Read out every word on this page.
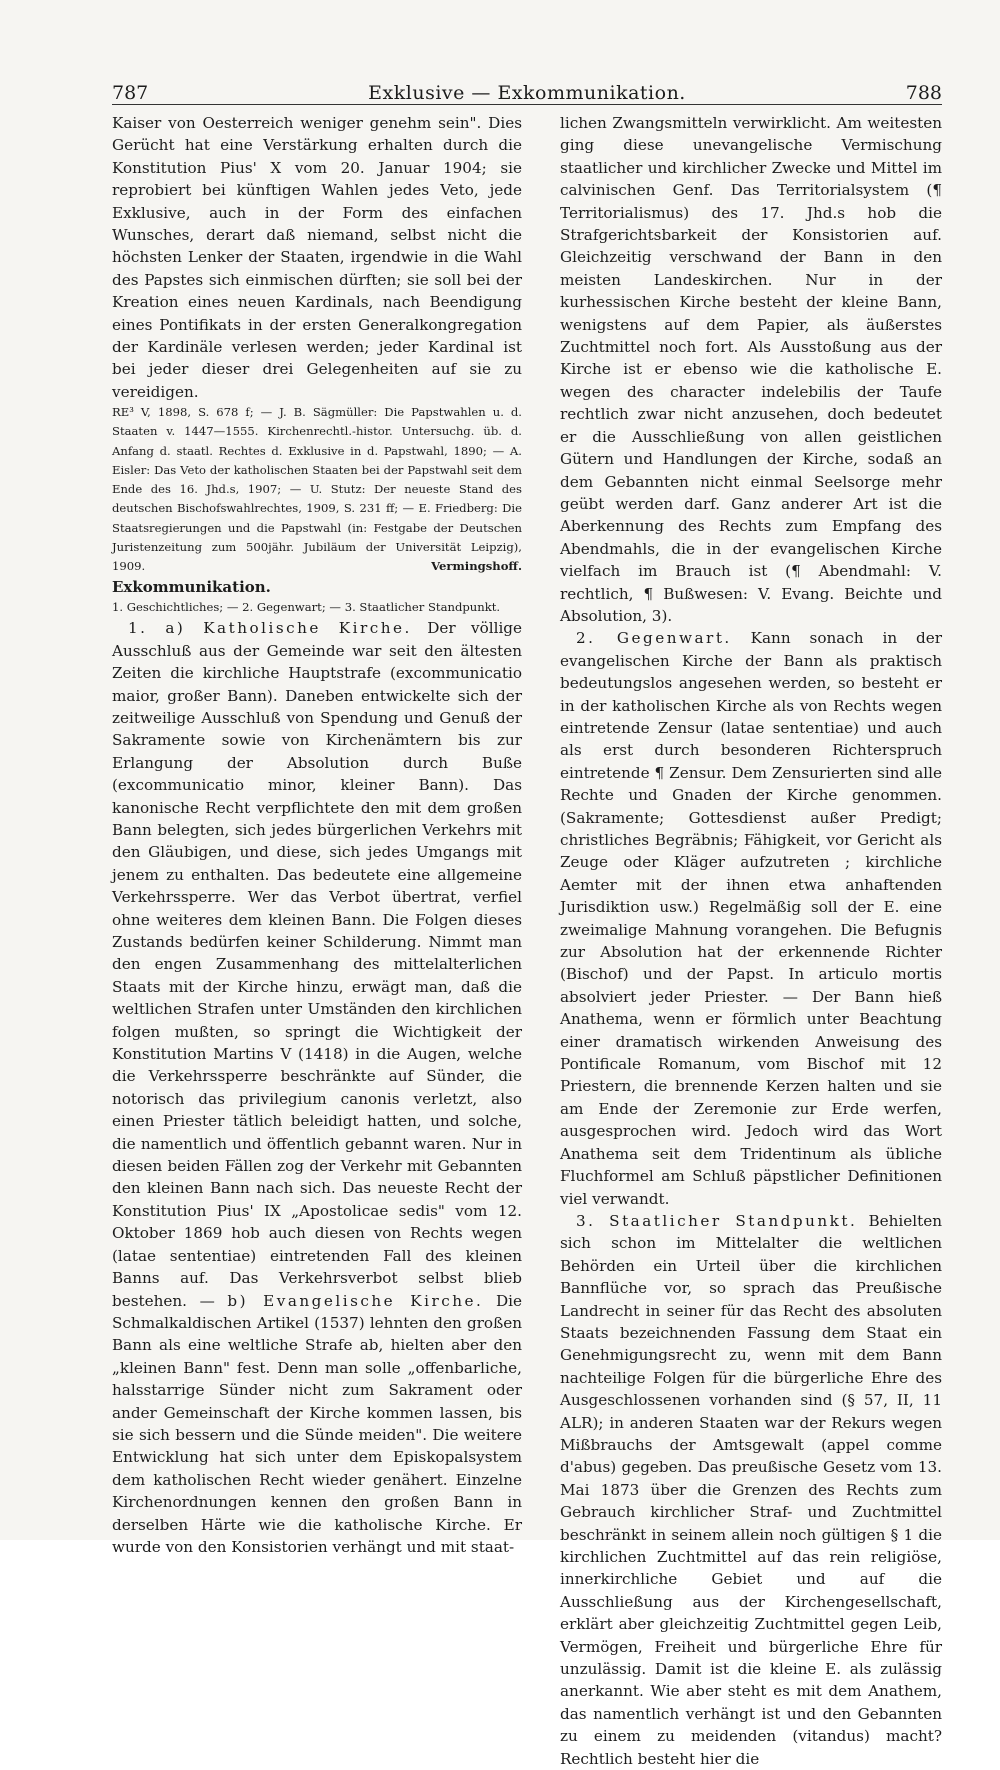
787	Exklusive — Exkommunikation.	788

Kaiser von Oesterreich weniger genehm sein". Dies Gerücht hat eine Verstärkung erhalten durch die Konstitution Pius' X vom 20. Januar 1904; sie reprobiert bei künftigen Wahlen jedes Veto, jede Exklusive, auch in der Form des einfachen Wunsches, derart daß niemand, selbst nicht die höchsten Lenker der Staaten, irgendwie in die Wahl des Papstes sich einmischen dürften; sie soll bei der Kreation eines neuen Kardinals, nach Beendigung eines Pontifikats in der ersten Generalkongregation der Kardinäle verlesen werden; jeder Kardinal ist bei jeder dieser drei Gelegenheiten auf sie zu vereidigen.

RE³ V, 1898, S. 678 f; — J. B. Sägmüller: Die Papstwahlen u. d. Staaten v. 1447—1555. Kirchenrechtl.-histor. Untersuchg. üb. d. Anfang d. staatl. Rechtes d. Exklusive in d. Papstwahl, 1890; — A. Eisler: Das Veto der katholischen Staaten bei der Papstwahl seit dem Ende des 16. Jhd.s, 1907; — U. Stutz: Der neueste Stand des deutschen Bischofswahlrechtes, 1909, S. 231 ff; — E. Friedberg: Die Staatsregierungen und die Papstwahl (in: Festgabe der Deutschen Juristenzeitung zum 500jähr. Jubiläum der Universität Leipzig), 1909.	Vermingshoff.

Exkommunikation.

1. Geschichtliches; — 2. Gegenwart; — 3. Staatlicher Standpunkt.

1. a) Katholische Kirche. Der völlige Ausschluß aus der Gemeinde war seit den ältesten Zeiten die kirchliche Hauptstrafe (excommunicatio maior, großer Bann). Daneben entwickelte sich der zeitweilige Ausschluß von Spendung und Genuß der Sakramente sowie von Kirchenämtern bis zur Erlangung der Absolution durch Buße (excommunicatio minor, kleiner Bann). Das kanonische Recht verpflichtete den mit dem großen Bann belegten, sich jedes bürgerlichen Verkehrs mit den Gläubigen, und diese, sich jedes Umgangs mit jenem zu enthalten. Das bedeutete eine allgemeine Verkehrssperre. Wer das Verbot übertrat, verfiel ohne weiteres dem kleinen Bann. Die Folgen dieses Zustands bedürfen keiner Schilderung. Nimmt man den engen Zusammenhang des mittelalterlichen Staats mit der Kirche hinzu, erwägt man, daß die weltlichen Strafen unter Umständen den kirchlichen folgen mußten, so springt die Wichtigkeit der Konstitution Martins V (1418) in die Augen, welche die Verkehrssperre beschränkte auf Sünder, die notorisch das privilegium canonis verletzt, also einen Priester tätlich beleidigt hatten, und solche, die namentlich und öffentlich gebannt waren. Nur in diesen beiden Fällen zog der Verkehr mit Gebannten den kleinen Bann nach sich. Das neueste Recht der Konstitution Pius' IX „Apostolicae sedis" vom 12. Oktober 1869 hob auch diesen von Rechts wegen (latae sententiae) eintretenden Fall des kleinen Banns auf. Das Verkehrsverbot selbst blieb bestehen. — b) Evangelische Kirche. Die Schmalkaldischen Artikel (1537) lehnten den großen Bann als eine weltliche Strafe ab, hielten aber den „kleinen Bann" fest. Denn man solle „offenbarliche, halsstarrige Sünder nicht zum Sakrament oder ander Gemeinschaft der Kirche kommen lassen, bis sie sich bessern und die Sünde meiden". Die weitere Entwicklung hat sich unter dem Episkopalsystem dem katholischen Recht wieder genähert. Einzelne Kirchenordnungen kennen den großen Bann in derselben Härte wie die katholische Kirche. Er wurde von den Konsistorien verhängt und mit staat-

lichen Zwangsmitteln verwirklicht. Am weitesten ging diese unevangelische Vermischung staatlicher und kirchlicher Zwecke und Mittel im calvinischen Genf. Das Territorialsystem (¶ Territorialismus) des 17. Jhd.s hob die Strafgerichtsbarkeit der Konsistorien auf. Gleichzeitig verschwand der Bann in den meisten Landeskirchen. Nur in der kurhessischen Kirche besteht der kleine Bann, wenigstens auf dem Papier, als äußerstes Zuchtmittel noch fort. Als Ausstoßung aus der Kirche ist er ebenso wie die katholische E. wegen des character indelebilis der Taufe rechtlich zwar nicht anzusehen, doch bedeutet er die Ausschließung von allen geistlichen Gütern und Handlungen der Kirche, sodaß an dem Gebannten nicht einmal Seelsorge mehr geübt werden darf. Ganz anderer Art ist die Aberkennung des Rechts zum Empfang des Abendmahls, die in der evangelischen Kirche vielfach im Brauch ist (¶ Abendmahl: V. rechtlich, ¶ Bußwesen: V. Evang. Beichte und Absolution, 3).

2. Gegenwart. Kann sonach in der evangelischen Kirche der Bann als praktisch bedeutungslos angesehen werden, so besteht er in der katholischen Kirche als von Rechts wegen eintretende Zensur (latae sententiae) und auch als erst durch besonderen Richterspruch eintretende ¶ Zensur. Dem Zensurierten sind alle Rechte und Gnaden der Kirche genommen. (Sakramente; Gottesdienst außer Predigt; christliches Begräbnis; Fähigkeit, vor Gericht als Zeuge oder Kläger aufzutreten ; kirchliche Aemter mit der ihnen etwa anhaftenden Jurisdiktion usw.) Regelmäßig soll der E. eine zweimalige Mahnung vorangehen. Die Befugnis zur Absolution hat der erkennende Richter (Bischof) und der Papst. In articulo mortis absolviert jeder Priester. — Der Bann hieß Anathema, wenn er förmlich unter Beachtung einer dramatisch wirkenden Anweisung des Pontificale Romanum, vom Bischof mit 12 Priestern, die brennende Kerzen halten und sie am Ende der Zeremonie zur Erde werfen, ausgesprochen wird. Jedoch wird das Wort Anathema seit dem Tridentinum als übliche Fluchformel am Schluß päpstlicher Definitionen viel verwandt.

3. Staatlicher Standpunkt. Behielten sich schon im Mittelalter die weltlichen Behörden ein Urteil über die kirchlichen Bannflüche vor, so sprach das Preußische Landrecht in seiner für das Recht des absoluten Staats bezeichnenden Fassung dem Staat ein Genehmigungsrecht zu, wenn mit dem Bann nachteilige Folgen für die bürgerliche Ehre des Ausgeschlossenen vorhanden sind (§ 57, II, 11 ALR); in anderen Staaten war der Rekurs wegen Mißbrauchs der Amtsgewalt (appel comme d'abus) gegeben. Das preußische Gesetz vom 13. Mai 1873 über die Grenzen des Rechts zum Gebrauch kirchlicher Straf- und Zuchtmittel beschränkt in seinem allein noch gültigen § 1 die kirchlichen Zuchtmittel auf das rein religiöse, innerkirchliche Gebiet und auf die Ausschließung aus der Kirchengesellschaft, erklärt aber gleichzeitig Zuchtmittel gegen Leib, Vermögen, Freiheit und bürgerliche Ehre für unzulässig. Damit ist die kleine E. als zulässig anerkannt. Wie aber steht es mit dem Anathem, das namentlich verhängt ist und den Gebannten zu einem zu meidenden (vitandus) macht? Rechtlich besteht hier die
